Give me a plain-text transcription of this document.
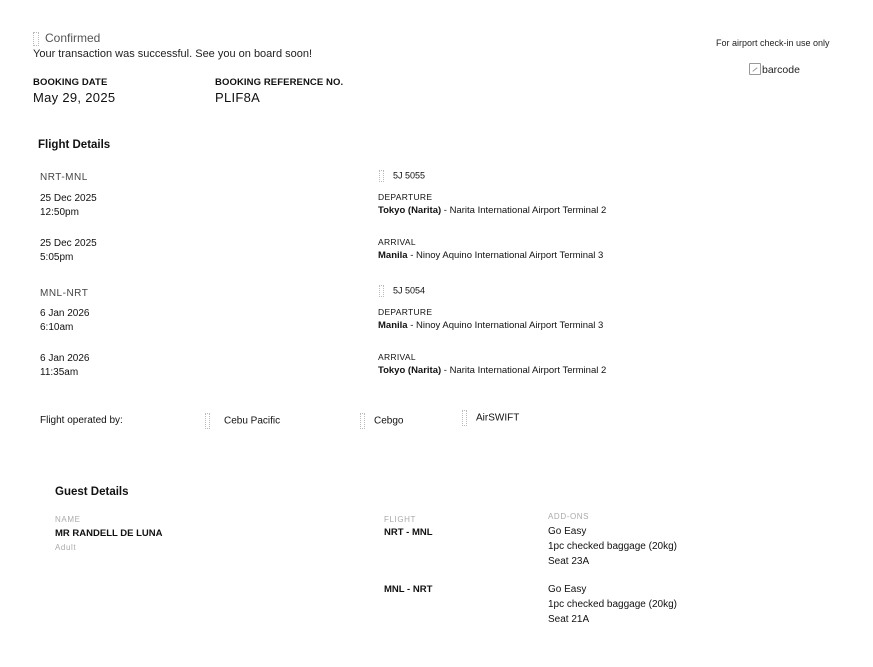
Confirmed
Your transaction was successful. See you on board soon!
BOOKING DATE
May 29, 2025
BOOKING REFERENCE NO.
PLIF8A
For airport check-in use only
barcode
Flight Details
NRT-MNL	5J 5055
25 Dec 2025
12:50pm
DEPARTURE
Tokyo (Narita) - Narita International Airport Terminal 2
25 Dec 2025
5:05pm
ARRIVAL
Manila - Ninoy Aquino International Airport Terminal 3
MNL-NRT	5J 5054
6 Jan 2026
6:10am
DEPARTURE
Manila - Ninoy Aquino International Airport Terminal 3
6 Jan 2026
11:35am
ARRIVAL
Tokyo (Narita) - Narita International Airport Terminal 2
Flight operated by:	Cebu Pacific	Cebgo	AirSWIFT
Guest Details
NAME
MR RANDELL DE LUNA
Adult
FLIGHT	ADD-ONS
NRT - MNL	Go Easy
1pc checked baggage (20kg)
Seat 23A
MNL - NRT	Go Easy
1pc checked baggage (20kg)
Seat 21A
